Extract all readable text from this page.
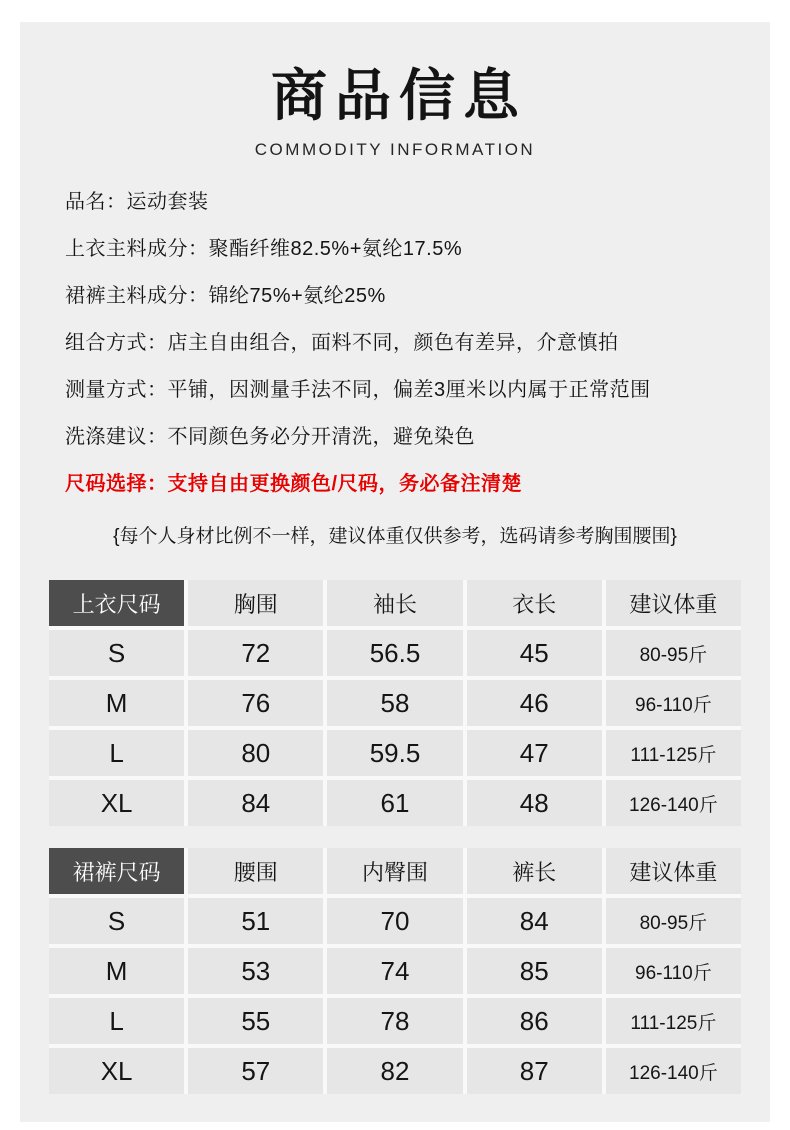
商品信息
COMMODITY INFORMATION
品名：运动套装
上衣主料成分：聚酯纤维82.5%+氨纶17.5%
裙裤主料成分：锦纶75%+氨纶25%
组合方式：店主自由组合，面料不同，颜色有差异，介意慎拍
测量方式：平铺，因测量手法不同，偏差3厘米以内属于正常范围
洗涤建议：不同颜色务必分开清洗，避免染色
尺码选择：支持自由更换颜色/尺码，务必备注清楚
{每个人身材比例不一样，建议体重仅供参考，选码请参考胸围腰围}
上衣尺码	胸围	袖长	衣长	建议体重
S	72	56.5	45	80-95斤
M	76	58	46	96-110斤
L	80	59.5	47	111-125斤
XL	84	61	48	126-140斤
裙裤尺码	腰围	内臀围	裤长	建议体重
S	51	70	84	80-95斤
M	53	74	85	96-110斤
L	55	78	86	111-125斤
XL	57	82	87	126-140斤
